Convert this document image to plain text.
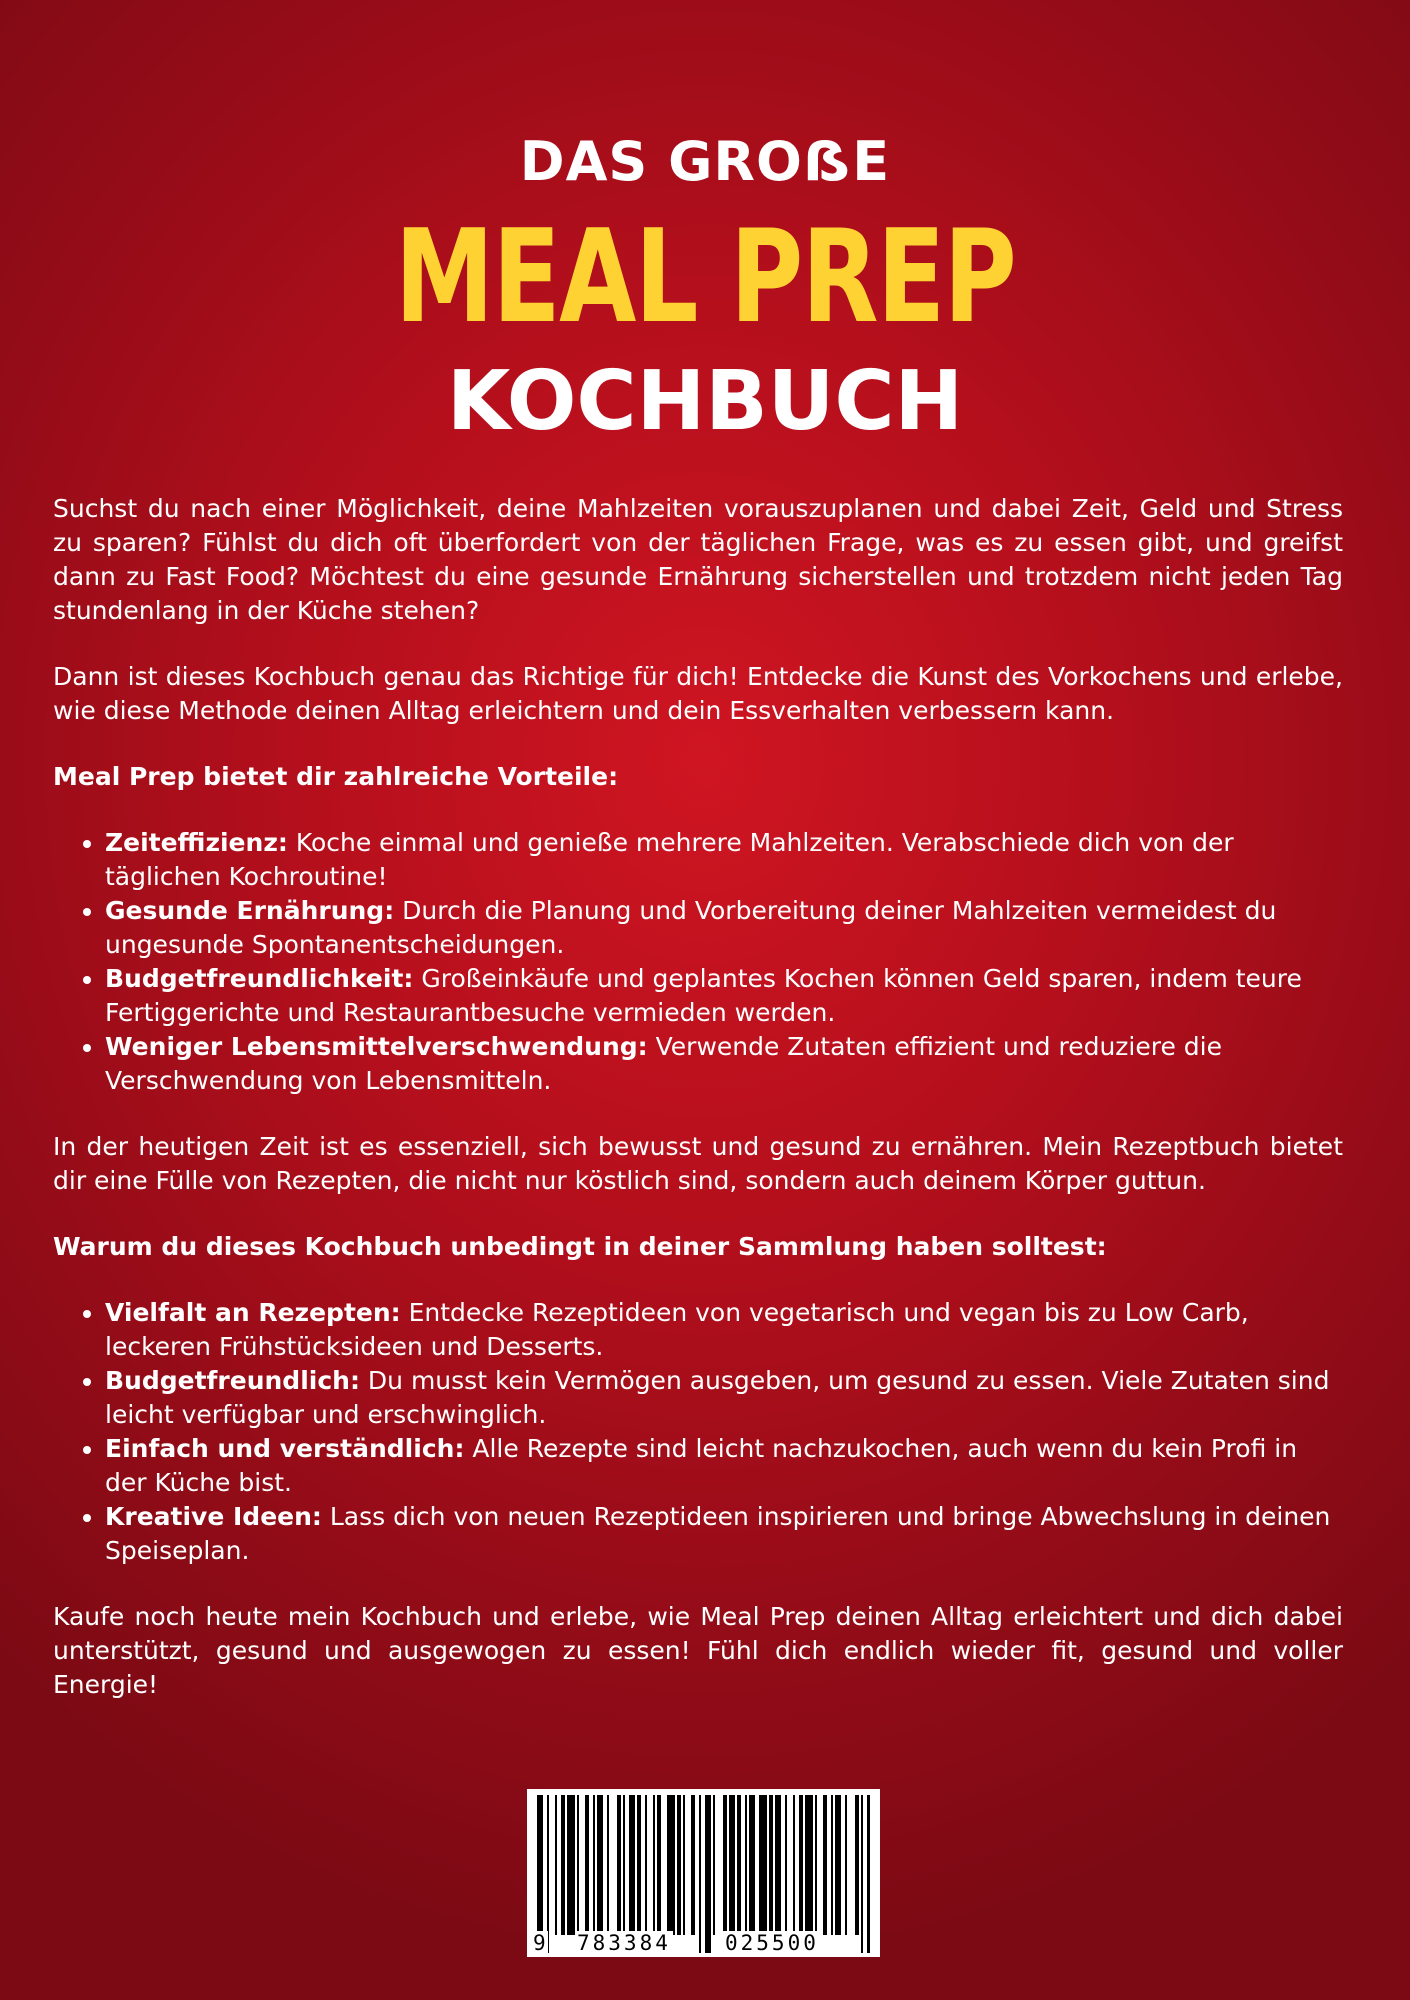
DAS GROẞE
MEAL PREP
KOCHBUCH

Suchst du nach einer Möglichkeit, deine Mahlzeiten vorauszuplanen und dabei Zeit, Geld und Stress zu sparen? Fühlst du dich oft überfordert von der täglichen Frage, was es zu essen gibt, und greifst dann zu Fast Food? Möchtest du eine gesunde Ernährung sicherstellen und trotzdem nicht jeden Tag stundenlang in der Küche stehen?

Dann ist dieses Kochbuch genau das Richtige für dich! Entdecke die Kunst des Vorkochens und erlebe, wie diese Methode deinen Alltag erleichtern und dein Essverhalten verbessern kann.

Meal Prep bietet dir zahlreiche Vorteile:

• Zeiteffizienz: Koche einmal und genieße mehrere Mahlzeiten. Verabschiede dich von der täglichen Kochroutine!
• Gesunde Ernährung: Durch die Planung und Vorbereitung deiner Mahlzeiten vermeidest du ungesunde Spontanentscheidungen.
• Budgetfreundlichkeit: Großeinkäufe und geplantes Kochen können Geld sparen, indem teure Fertiggerichte und Restaurantbesuche vermieden werden.
• Weniger Lebensmittelverschwendung: Verwende Zutaten effizient und reduziere die Verschwendung von Lebensmitteln.

In der heutigen Zeit ist es essenziell, sich bewusst und gesund zu ernähren. Mein Rezeptbuch bietet dir eine Fülle von Rezepten, die nicht nur köstlich sind, sondern auch deinem Körper guttun.

Warum du dieses Kochbuch unbedingt in deiner Sammlung haben solltest:

• Vielfalt an Rezepten: Entdecke Rezeptideen von vegetarisch und vegan bis zu Low Carb, leckeren Frühstücksideen und Desserts.
• Budgetfreundlich: Du musst kein Vermögen ausgeben, um gesund zu essen. Viele Zutaten sind leicht verfügbar und erschwinglich.
• Einfach und verständlich: Alle Rezepte sind leicht nachzukochen, auch wenn du kein Profi in der Küche bist.
• Kreative Ideen: Lass dich von neuen Rezeptideen inspirieren und bringe Abwechslung in deinen Speiseplan.

Kaufe noch heute mein Kochbuch und erlebe, wie Meal Prep deinen Alltag erleichtert und dich dabei unterstützt, gesund und ausgewogen zu essen! Fühl dich endlich wieder fit, gesund und voller Energie!

9 783384	025500
